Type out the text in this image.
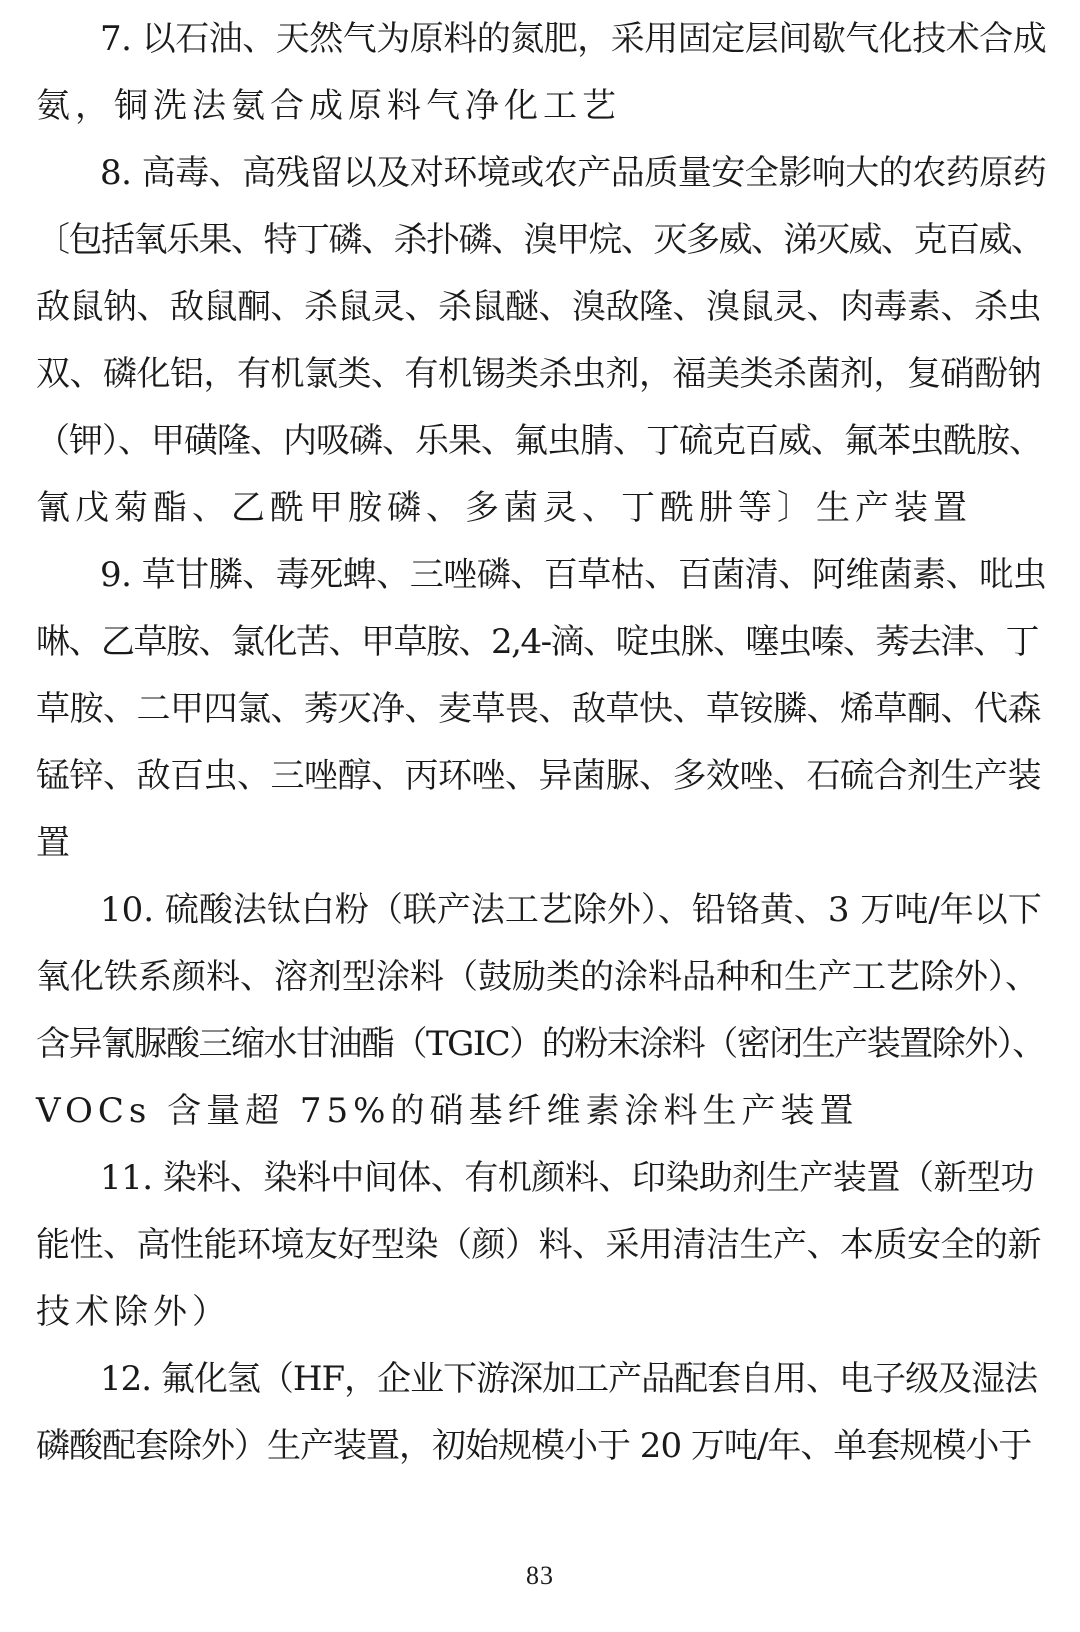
7. 以石油、天然气为原料的氮肥，采用固定层间歇气化技术合成
氨，铜洗法氨合成原料气净化工艺
8. 高毒、高残留以及对环境或农产品质量安全影响大的农药原药
〔包括氧乐果、特丁磷、杀扑磷、溴甲烷、灭多威、涕灭威、克百威、
敌鼠钠、敌鼠酮、杀鼠灵、杀鼠醚、溴敌隆、溴鼠灵、肉毒素、杀虫
双、磷化铝，有机氯类、有机锡类杀虫剂，福美类杀菌剂，复硝酚钠
（钾）、甲磺隆、内吸磷、乐果、氟虫腈、丁硫克百威、氟苯虫酰胺、
氰戊菊酯、乙酰甲胺磷、多菌灵、丁酰肼等〕生产装置
9. 草甘膦、毒死蜱、三唑磷、百草枯、百菌清、阿维菌素、吡虫
啉、乙草胺、氯化苦、甲草胺、2,4-滴、啶虫脒、噻虫嗪、莠去津、丁
草胺、二甲四氯、莠灭净、麦草畏、敌草快、草铵膦、烯草酮、代森
锰锌、敌百虫、三唑醇、丙环唑、异菌脲、多效唑、石硫合剂生产装
置
10. 硫酸法钛白粉（联产法工艺除外）、铅铬黄、3 万吨/年以下
氧化铁系颜料、溶剂型涂料（鼓励类的涂料品种和生产工艺除外）、
含异氰脲酸三缩水甘油酯（TGIC）的粉末涂料（密闭生产装置除外）、
VOCs 含量超 75%的硝基纤维素涂料生产装置
11. 染料、染料中间体、有机颜料、印染助剂生产装置（新型功
能性、高性能环境友好型染（颜）料、采用清洁生产、本质安全的新
技术除外）
12. 氟化氢（HF，企业下游深加工产品配套自用、电子级及湿法
磷酸配套除外）生产装置，初始规模小于 20 万吨/年、单套规模小于
83
